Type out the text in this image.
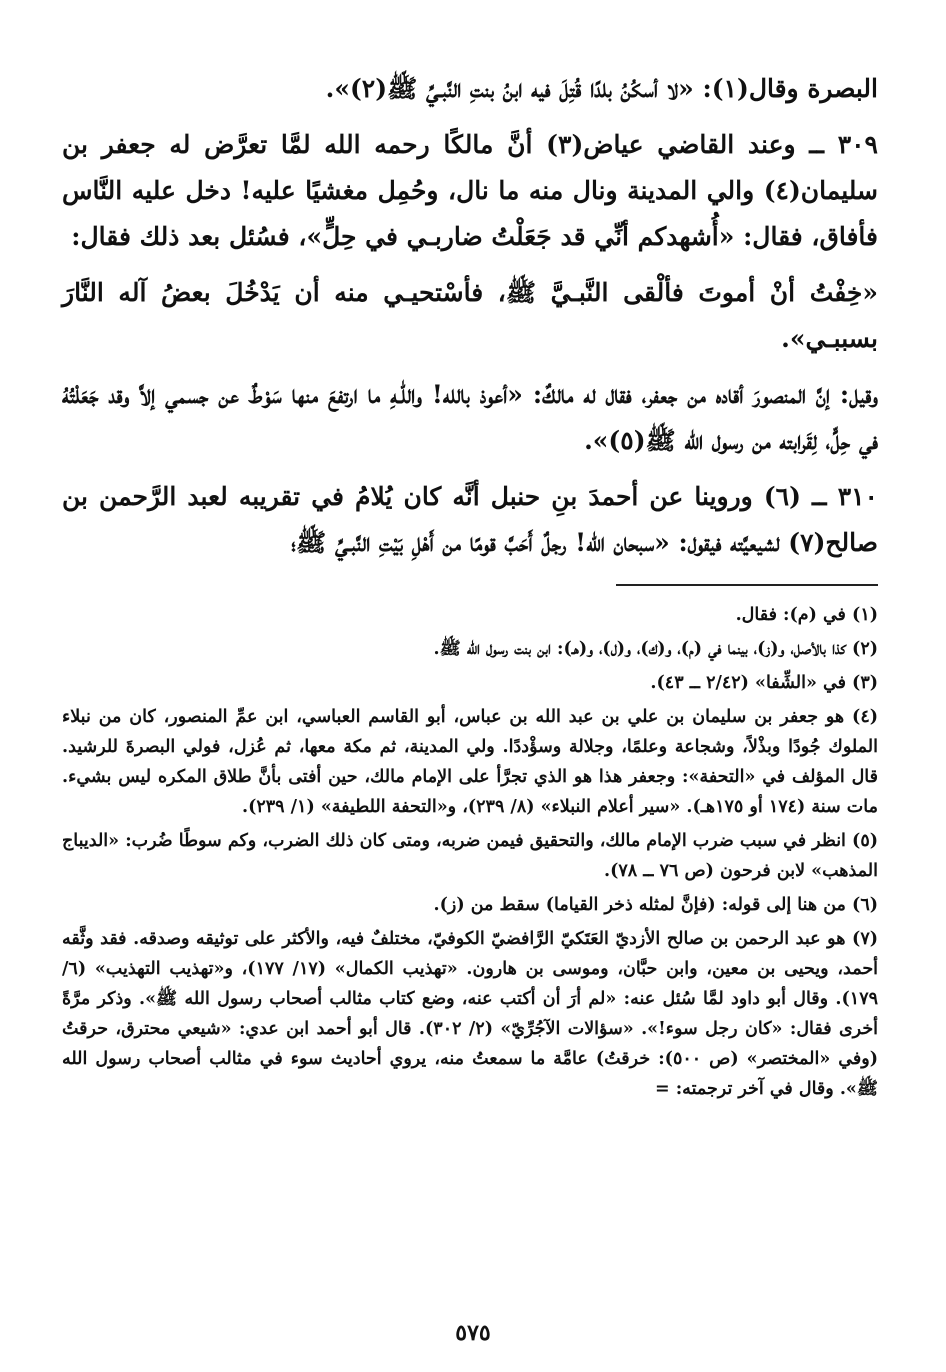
البصرة وقال(١): «لا أسكُنُ بلدًا قُتِلَ فيه ابنُ بنتِ النَّبـيِّ ﷺ(٢)».

٣٠٩ ــ وعند القاضي عياض(٣) أنَّ مالكًا رحمه الله لمَّا تعرَّض له جعفر بن سليمان(٤) والي المدينة ونال منه ما نال، وحُمِل مغشيًا عليه! دخل عليه النَّاس فأفاق، فقال: «أُشهدكم أنِّي قد جَعَلْتُ ضاربـي في حِلٍّ»، فسُئل بعد ذلك فقال:

«خِفْتُ أنْ أموتَ فألْقى النَّبـيَّ ﷺ، فأسْتحيـي منه أن يَدْخُلَ بعضُ آله النَّارَ بسببـي».

وقيل: إنَّ المنصورَ أقاده من جعفر، فقال له مالكٌ: «أعوذ بالله! واللّٰـهِ ما ارتفعَ منها سَوْطٌ عن جسمي إلاَّ وقد جَعَلْتُهُ في حِلٍّ، لِقَرابته من رسول الله ﷺ(٥)».

٣١٠ ــ (٦) وروينا عن أحمدَ بنِ حنبل أنَّه كان يُلامُ في تقريبه لعبد الرَّحمن بن صالح(٧) لشيعيَّته فيقول: «سبحان الله! رجلٌ أَحَبَّ قومًا من أَهْلِ بَيْتِ النَّبـيِّ ﷺ؛

(١) في (م): فقال.

(٢) كذا بالأصل، و(ز)، بينما في (م)، و(ك)، و(ل)، و(هـ): ابن بنت رسول الله ﷺ.

(٣) في «الشِّفا» (٢/٤٢ ــ ٤٣).

(٤) هو جعفر بن سليمان بن علي بن عبد الله بن عباس، أبو القاسم العباسي، ابن عمِّ المنصور، كان من نبلاء الملوك جُودًا وبذْلاً، وشجاعة وعلمًا، وجلالة وسؤْددًا. ولي المدينة، ثم مكة معها، ثم عُزل، فولي البصرةَ للرشيد. قال المؤلف في «التحفة»: وجعفر هذا هو الذي تجرَّأ على الإمام مالك، حين أفتى بأنَّ طلاق المكره ليس بشيء. مات سنة (١٧٤ أو ١٧٥هـ). «سير أعلام النبلاء» (٨/ ٢٣٩)، و«التحفة اللطيفة» (١/ ٢٣٩).

(٥) انظر في سبب ضرب الإمام مالك، والتحقيق فيمن ضربه، ومتى كان ذلك الضرب، وكم سوطًا ضُرب: «الديباج المذهب» لابن فرحون (ص ٧٦ ــ ٧٨).

(٦) من هنا إلى قوله: (فإنَّ لمثله ذخر القياما) سقط من (ز).

(٧) هو عبد الرحمن بن صالح الأزديّ العَتَكيّ الرَّافضيّ الكوفيّ، مختلفٌ فيه، والأكثر على توثيقه وصدقه. فقد وثَّقه أحمد، ويحيى بن معين، وابن حبَّان، وموسى بن هارون. «تهذيب الكمال» (١٧/ ١٧٧)، و«تهذيب التهذيب» (٦/ ١٧٩). وقال أبو داود لمَّا سُئل عنه: «لم أرَ أن أكتب عنه، وضع كتاب مثالب أصحاب رسول الله ﷺ». وذكر مرَّةً أخرى فقال: «كان رجل سوء!». «سؤالات الآجُرِّيّ» (٢/ ٣٠٢). قال أبو أحمد ابن عدي: «شيعي محترق، حرقتُ (وفي «المختصر» (ص ٥٠٠): خرقتُ) عامَّة ما سمعتُ منه، يروي أحاديث سوء في مثالب أصحاب رسول الله ﷺ». وقال في آخر ترجمته: =

٥٧٥
